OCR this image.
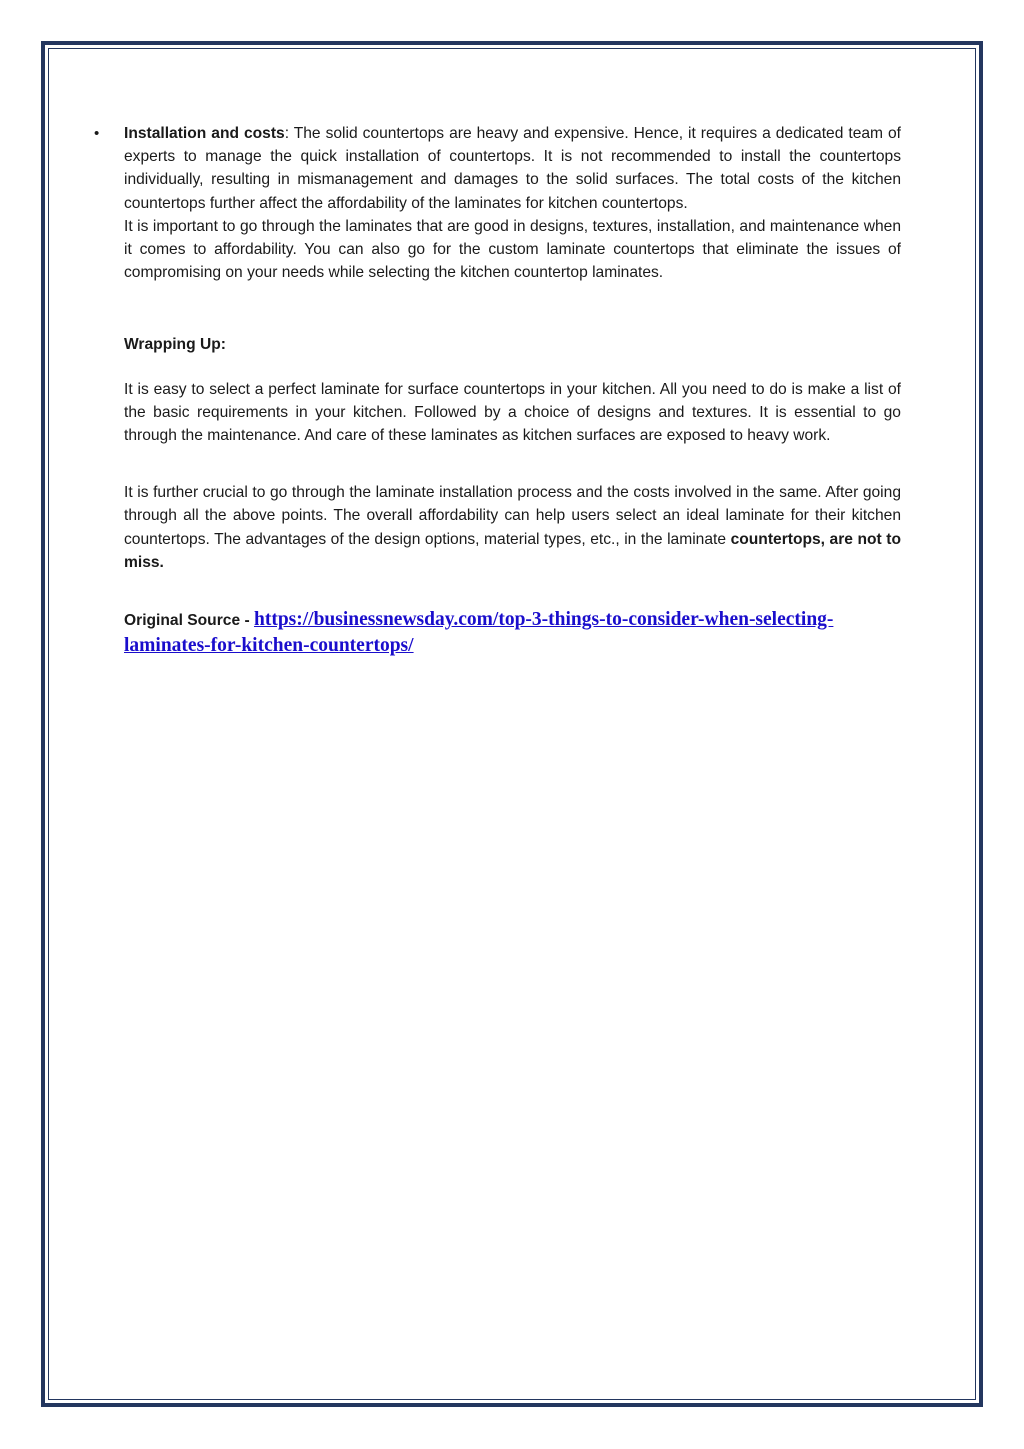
• Installation and costs: The solid countertops are heavy and expensive. Hence, it requires a dedicated team of experts to manage the quick installation of countertops. It is not recommended to install the countertops individually, resulting in mismanagement and damages to the solid surfaces. The total costs of the kitchen countertops further affect the affordability of the laminates for kitchen countertops.

It is important to go through the laminates that are good in designs, textures, installation, and maintenance when it comes to affordability. You can also go for the custom laminate countertops that eliminate the issues of compromising on your needs while selecting the kitchen countertop laminates.

Wrapping Up:

It is easy to select a perfect laminate for surface countertops in your kitchen. All you need to do is make a list of the basic requirements in your kitchen. Followed by a choice of designs and textures. It is essential to go through the maintenance. And care of these laminates as kitchen surfaces are exposed to heavy work.

It is further crucial to go through the laminate installation process and the costs involved in the same. After going through all the above points. The overall affordability can help users select an ideal laminate for their kitchen countertops. The advantages of the design options, material types, etc., in the laminate countertops, are not to miss.

Original Source - https://businessnewsday.com/top-3-things-to-consider-when-selecting-laminates-for-kitchen-countertops/
